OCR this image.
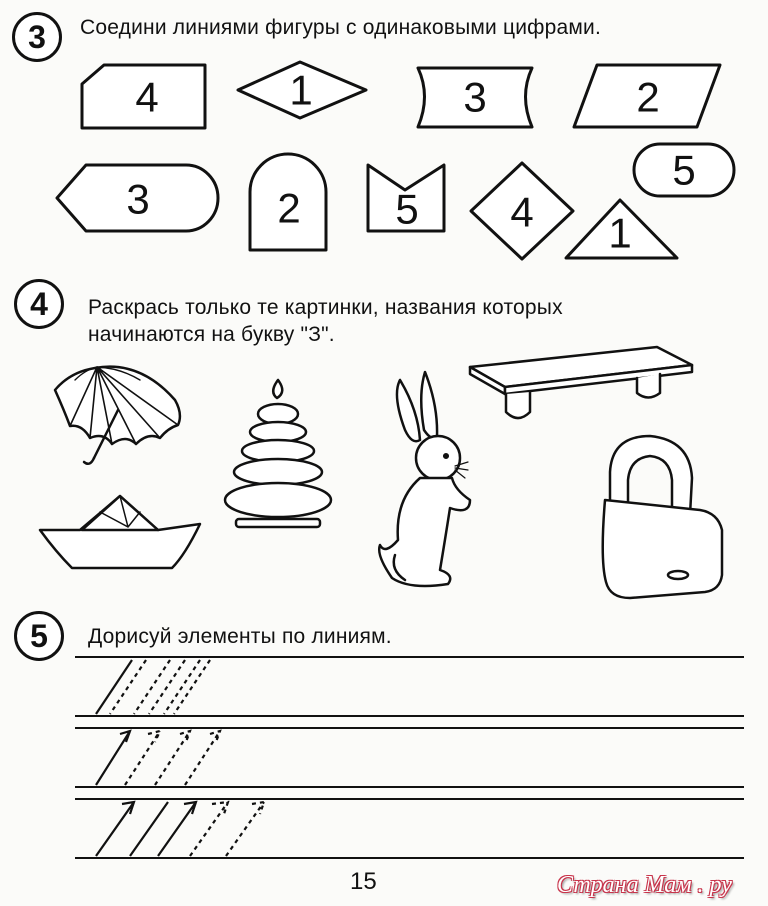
3	Соедини линиями фигуры с одинаковыми цифрами.
4	Раскрась только те картинки, названия которых
начинаются на букву "З".
5	Дорисуй элементы по линиям.
4	1	3	2
3	2 5 4 1
5
15	Страна Мам . ру
